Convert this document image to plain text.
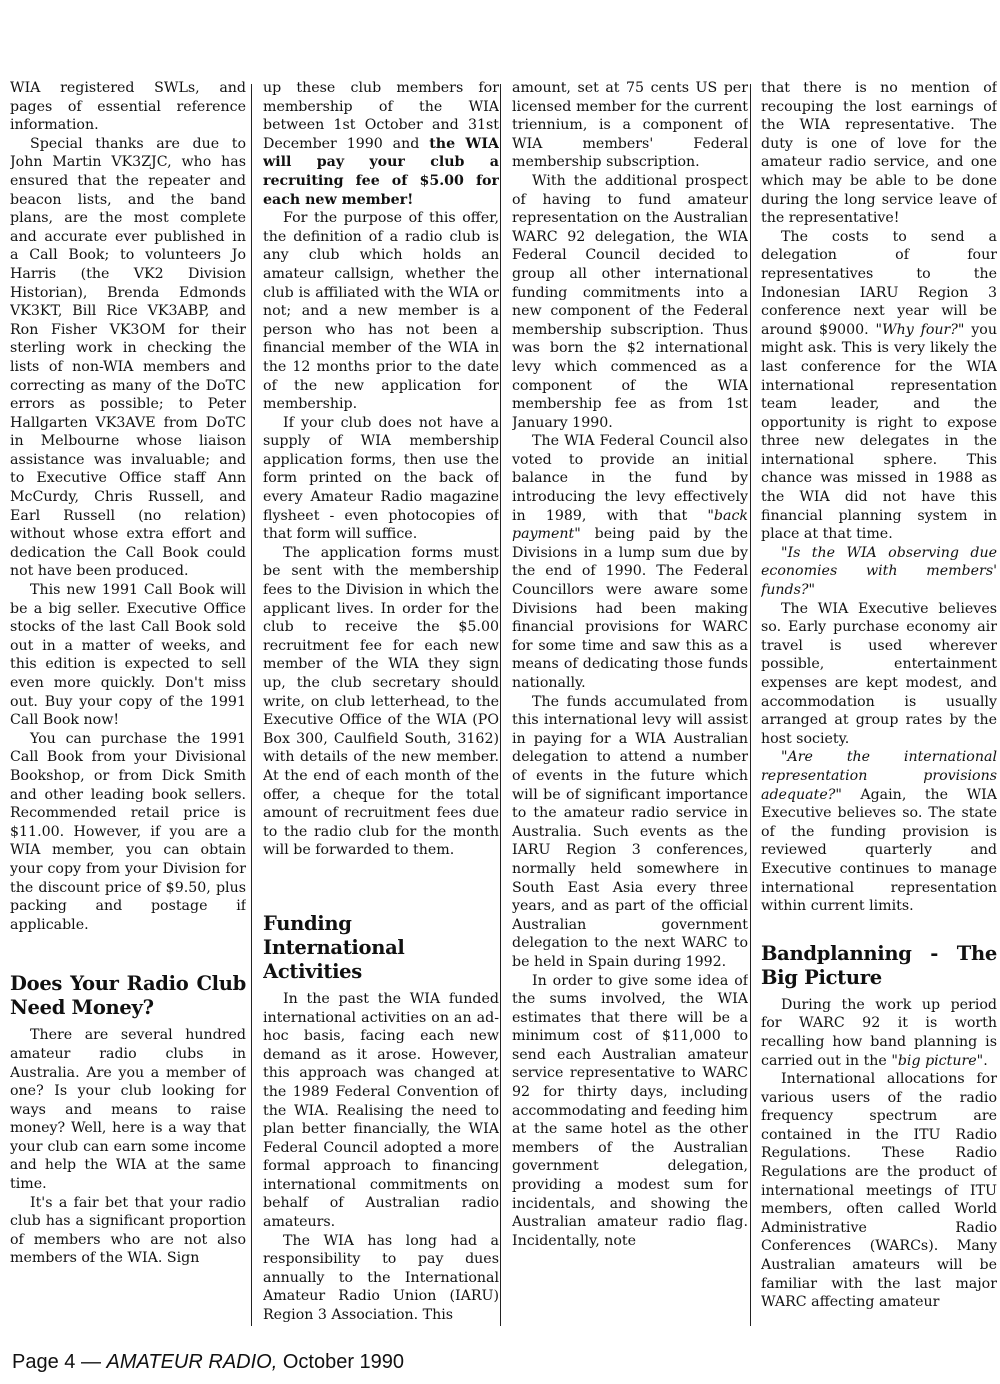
WIA registered SWLs, and pages of essential reference information.

Special thanks are due to John Martin VK3ZJC, who has ensured that the repeater and beacon lists, and the band plans, are the most complete and accurate ever published in a Call Book; to volunteers Jo Harris (the VK2 Division Historian), Brenda Edmonds VK3KT, Bill Rice VK3ABP, and Ron Fisher VK3OM for their sterling work in checking the lists of non-WIA members and correcting as many of the DoTC errors as possible; to Peter Hallgarten VK3AVE from DoTC in Melbourne whose liaison assistance was invaluable; and to Executive Office staff Ann McCurdy, Chris Russell, and Earl Russell (no relation) without whose extra effort and dedication the Call Book could not have been produced.

This new 1991 Call Book will be a big seller. Executive Office stocks of the last Call Book sold out in a matter of weeks, and this edition is expected to sell even more quickly. Don't miss out. Buy your copy of the 1991 Call Book now!

You can purchase the 1991 Call Book from your Divisional Bookshop, or from Dick Smith and other leading book sellers. Recommended retail price is $11.00. However, if you are a WIA member, you can obtain your copy from your Division for the discount price of $9.50, plus packing and postage if applicable.

Does Your Radio Club Need Money?

There are several hundred amateur radio clubs in Australia. Are you a member of one? Is your club looking for ways and means to raise money? Well, here is a way that your club can earn some income and help the WIA at the same time.

It's a fair bet that your radio club has a significant proportion of members who are not also members of the WIA. Sign

up these club members for membership of the WIA between 1st October and 31st December 1990 and the WIA will pay your club a recruiting fee of $5.00 for each new member!

For the purpose of this offer, the definition of a radio club is any club which holds an amateur callsign, whether the club is affiliated with the WIA or not; and a new member is a person who has not been a financial member of the WIA in the 12 months prior to the date of the new application for membership.

If your club does not have a supply of WIA membership application forms, then use the form printed on the back of every Amateur Radio magazine flysheet - even photocopies of that form will suffice.

The application forms must be sent with the membership fees to the Division in which the applicant lives. In order for the club to receive the $5.00 recruitment fee for each new member of the WIA they sign up, the club secretary should write, on club letterhead, to the Executive Office of the WIA (PO Box 300, Caulfield South, 3162) with details of the new member. At the end of each month of the offer, a cheque for the total amount of recruitment fees due to the radio club for the month will be forwarded to them.

Funding International Activities

In the past the WIA funded international activities on an ad-hoc basis, facing each new demand as it arose. However, this approach was changed at the 1989 Federal Convention of the WIA. Realising the need to plan better financially, the WIA Federal Council adopted a more formal approach to financing international commitments on behalf of Australian radio amateurs.

The WIA has long had a responsibility to pay dues annually to the International Amateur Radio Union (IARU) Region 3 Association. This

amount, set at 75 cents US per licensed member for the current triennium, is a component of WIA members' Federal membership subscription.

With the additional prospect of having to fund amateur representation on the Australian WARC 92 delegation, the WIA Federal Council decided to group all other international funding commitments into a new component of the Federal membership subscription. Thus was born the $2 international levy which commenced as a component of the WIA membership fee as from 1st January 1990.

The WIA Federal Council also voted to provide an initial balance in the fund by introducing the levy effectively in 1989, with that "back payment" being paid by the Divisions in a lump sum due by the end of 1990. The Federal Councillors were aware some Divisions had been making financial provisions for WARC for some time and saw this as a means of dedicating those funds nationally.

The funds accumulated from this international levy will assist in paying for a WIA Australian delegation to attend a number of events in the future which will be of significant importance to the amateur radio service in Australia. Such events as the IARU Region 3 conferences, normally held somewhere in South East Asia every three years, and as part of the official Australian government delegation to the next WARC to be held in Spain during 1992.

In order to give some idea of the sums involved, the WIA estimates that there will be a minimum cost of $11,000 to send each Australian amateur service representative to WARC 92 for thirty days, including accommodating and feeding him at the same hotel as the other members of the Australian government delegation, providing a modest sum for incidentals, and showing the Australian amateur radio flag. Incidentally, note

that there is no mention of recouping the lost earnings of the WIA representative. The duty is one of love for the amateur radio service, and one which may be able to be done during the long service leave of the representative!

The costs to send a delegation of four representatives to the Indonesian IARU Region 3 conference next year will be around $9000. "Why four?" you might ask. This is very likely the last conference for the WIA international representation team leader, and the opportunity is right to expose three new delegates in the international sphere. This chance was missed in 1988 as the WIA did not have this financial planning system in place at that time.

"Is the WIA observing due economies with members' funds?"

The WIA Executive believes so. Early purchase economy air travel is used wherever possible, entertainment expenses are kept modest, and accommodation is usually arranged at group rates by the host society.

"Are the international representation provisions adequate?" Again, the WIA Executive believes so. The state of the funding provision is reviewed quarterly and Executive continues to manage international representation within current limits.

Bandplanning - The Big Picture

During the work up period for WARC 92 it is worth recalling how band planning is carried out in the "big picture".

International allocations for various users of the radio frequency spectrum are contained in the ITU Radio Regulations. These Radio Regulations are the product of international meetings of ITU members, often called World Administrative Radio Conferences (WARCs). Many Australian amateurs will be familiar with the last major WARC affecting amateur

Page 4 — AMATEUR RADIO, October 1990
